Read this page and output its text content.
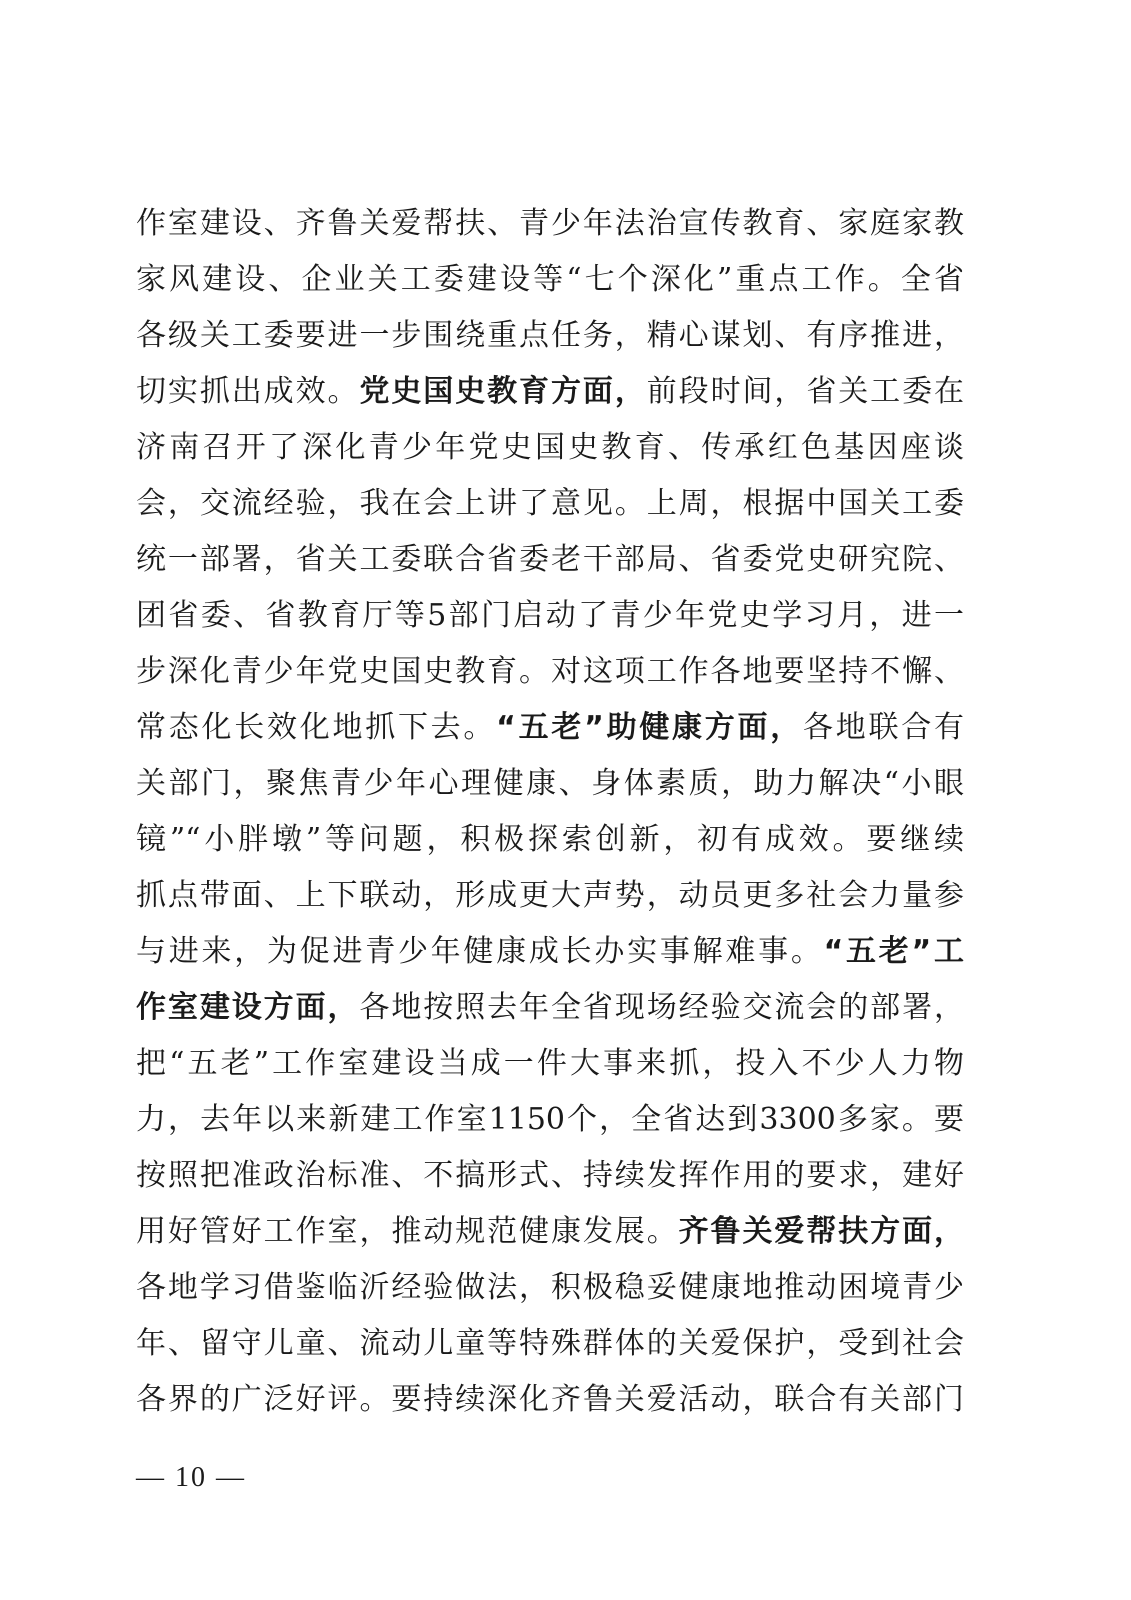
作室建设、齐鲁关爱帮扶、青少年法治宣传教育、家庭家教
家风建设、企业关工委建设等“七个深化”重点工作。全省
各级关工委要进一步围绕重点任务，精心谋划、有序推进，
切实抓出成效。党史国史教育方面，前段时间，省关工委在
济南召开了深化青少年党史国史教育、传承红色基因座谈
会，交流经验，我在会上讲了意见。上周，根据中国关工委
统一部署，省关工委联合省委老干部局、省委党史研究院、
团省委、省教育厅等5部门启动了青少年党史学习月，进一
步深化青少年党史国史教育。对这项工作各地要坚持不懈、
常态化长效化地抓下去。“五老”助健康方面，各地联合有
关部门，聚焦青少年心理健康、身体素质，助力解决“小眼
镜”“小胖墩”等问题，积极探索创新，初有成效。要继续
抓点带面、上下联动，形成更大声势，动员更多社会力量参
与进来，为促进青少年健康成长办实事解难事。“五老”工
作室建设方面，各地按照去年全省现场经验交流会的部署，
把“五老”工作室建设当成一件大事来抓，投入不少人力物
力，去年以来新建工作室1150个，全省达到3300多家。要
按照把准政治标准、不搞形式、持续发挥作用的要求，建好
用好管好工作室，推动规范健康发展。齐鲁关爱帮扶方面，
各地学习借鉴临沂经验做法，积极稳妥健康地推动困境青少
年、留守儿童、流动儿童等特殊群体的关爱保护，受到社会
各界的广泛好评。要持续深化齐鲁关爱活动，联合有关部门
— 10 —
